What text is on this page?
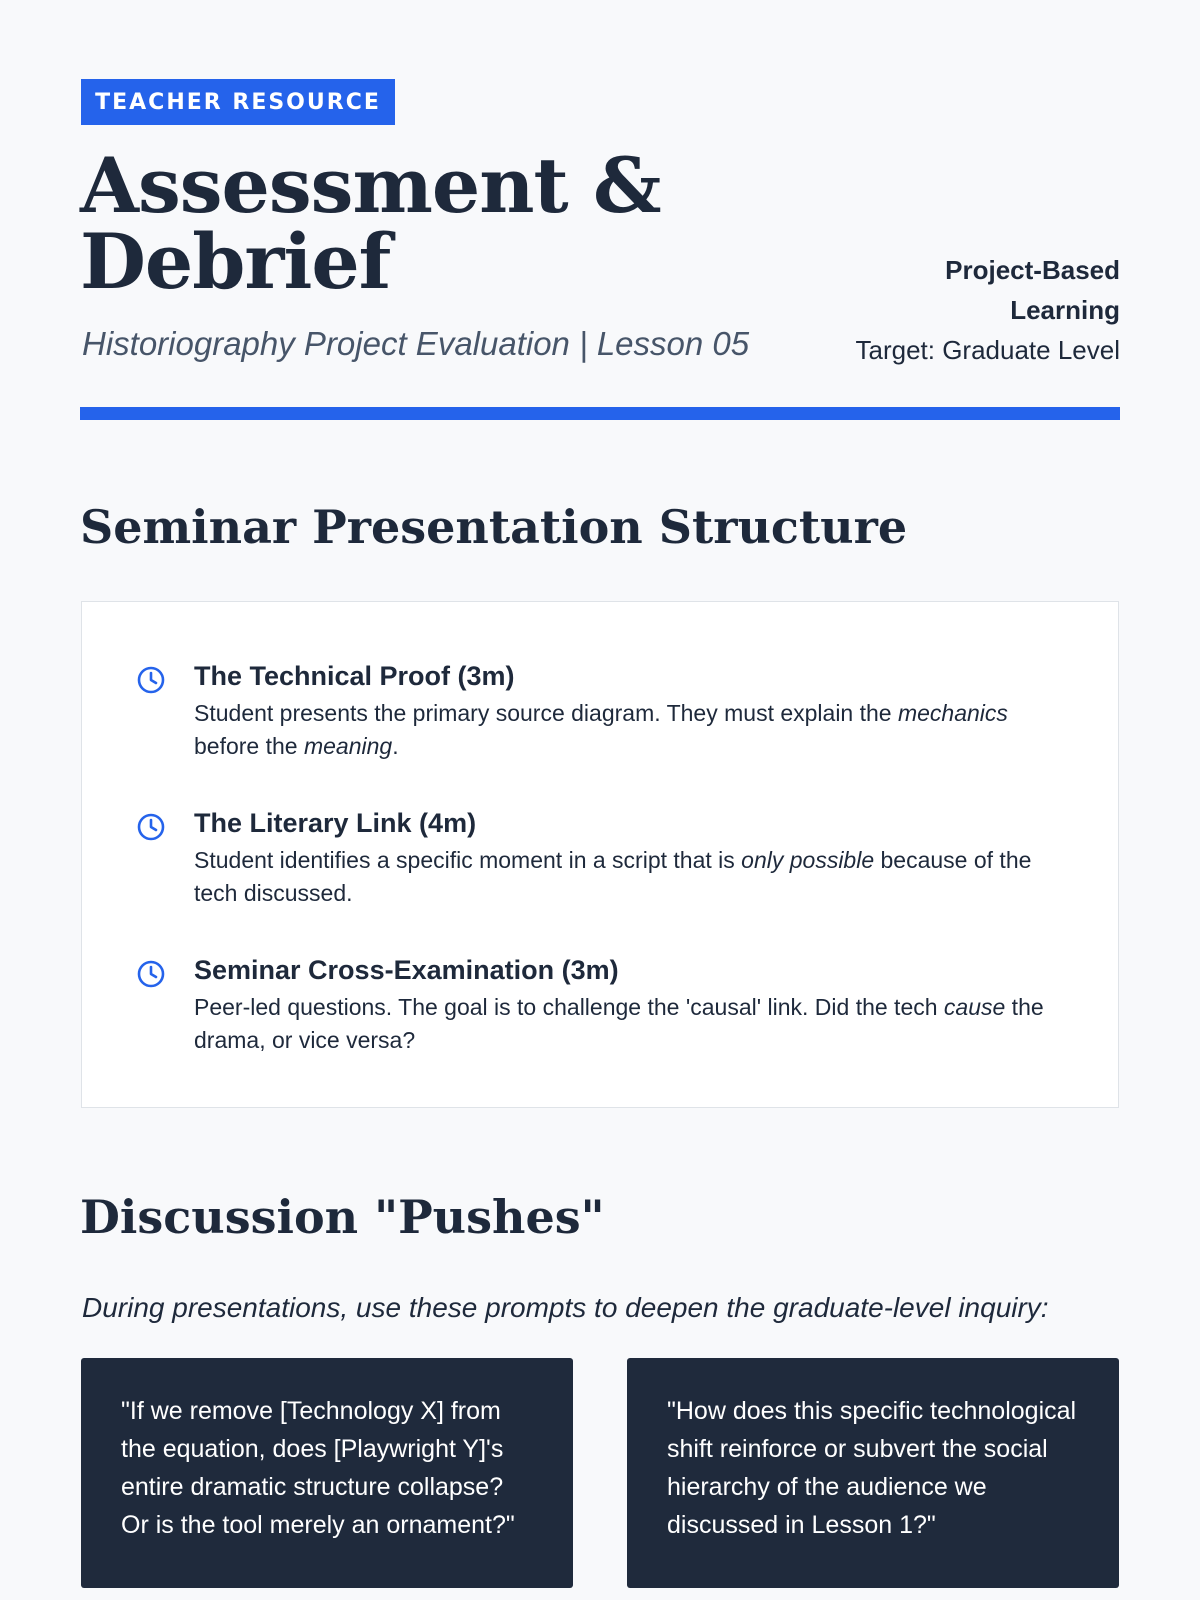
TEACHER RESOURCE
Assessment &
Debrief
Historiography Project Evaluation | Lesson 05
Project-Based
Learning
Target: Graduate Level
Seminar Presentation Structure
The Technical Proof (3m)
Student presents the primary source diagram. They must explain the mechanics before the meaning.
The Literary Link (4m)
Student identifies a specific moment in a script that is only possible because of the tech discussed.
Seminar Cross-Examination (3m)
Peer-led questions. The goal is to challenge the 'causal' link. Did the tech cause the drama, or vice versa?
Discussion "Pushes"
During presentations, use these prompts to deepen the graduate-level inquiry:
"If we remove [Technology X] from the equation, does [Playwright Y]'s entire dramatic structure collapse? Or is the tool merely an ornament?"
"How does this specific technological shift reinforce or subvert the social hierarchy of the audience we discussed in Lesson 1?"
